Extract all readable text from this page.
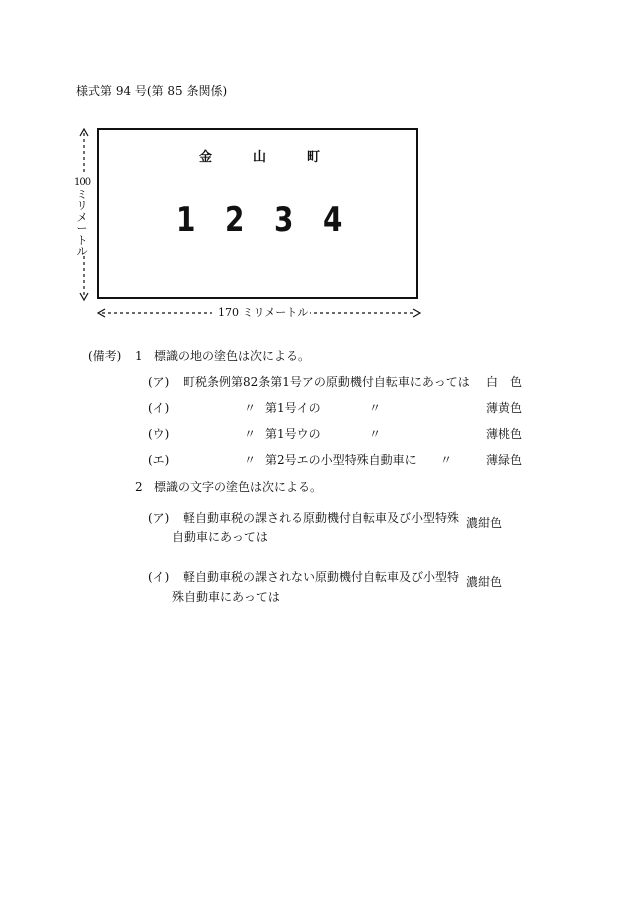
様式第 94 号(第 85 条関係)
100
ミ
リ
メ
ー
ト
ル
170 ミリメートル
金	山	町
1 2 3 4
(備考) 1 標識の地の塗色は次による。
(ア) 町税条例第82条第1号アの原動機付自転車にあっては 白　色
(イ)	〃 第1号イの	〃	薄黄色
(ウ)	〃 第1号ウの	〃	薄桃色
(エ)	〃 第2号エの小型特殊自動車に 〃	薄緑色
2 標識の文字の塗色は次による。
(ア) 軽自動車税の課される原動機付自転車及び小型特殊
自動車にあっては
濃紺色
(イ) 軽自動車税の課されない原動機付自転車及び小型特
殊自動車にあっては
濃紺色
